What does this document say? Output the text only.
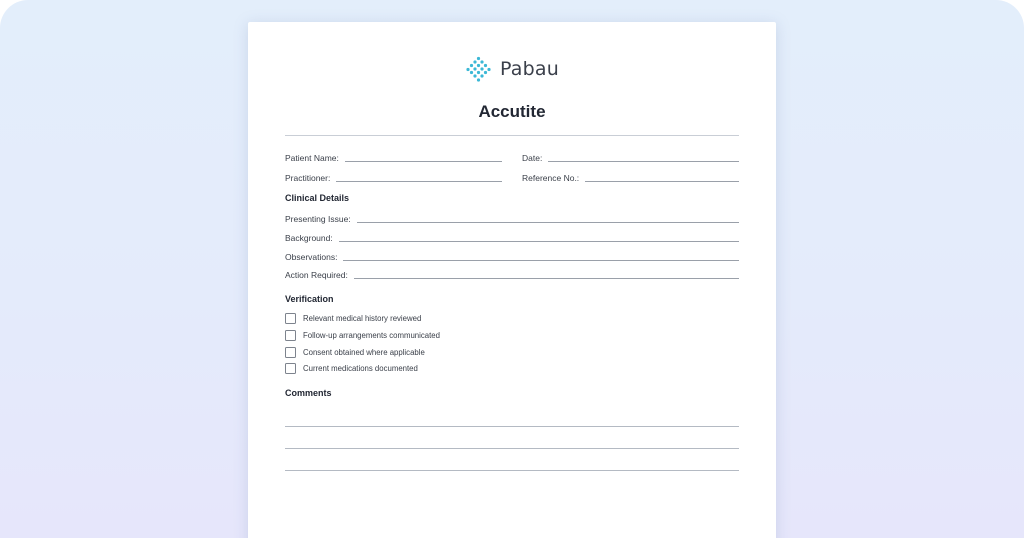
Pabau
Accutite
Patient Name:	Date:
Practitioner:	Reference No.:
Clinical Details
Presenting Issue:
Background:
Observations:
Action Required:
Verification
Relevant medical history reviewed
Follow-up arrangements communicated
Consent obtained where applicable
Current medications documented
Comments
